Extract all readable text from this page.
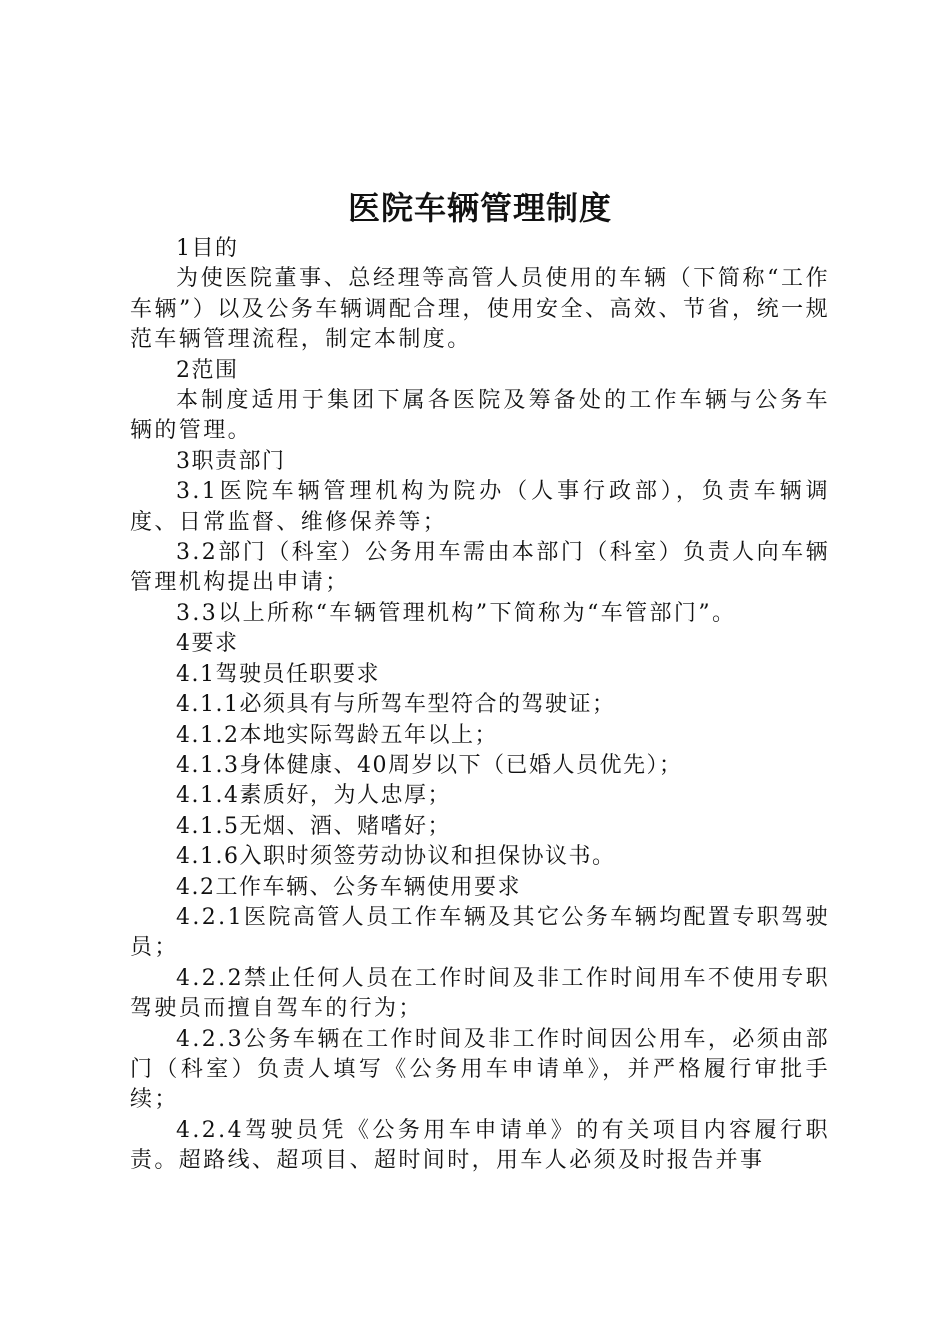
医院车辆管理制度

1目的

为使医院董事、总经理等高管人员使用的车辆（下简称“工作车辆”）以及公务车辆调配合理，使用安全、高效、节省，统一规范车辆管理流程，制定本制度。

2范围

本制度适用于集团下属各医院及筹备处的工作车辆与公务车辆的管理。

3职责部门

3.1医院车辆管理机构为院办（人事行政部），负责车辆调度、日常监督、维修保养等；

3.2部门（科室）公务用车需由本部门（科室）负责人向车辆管理机构提出申请；

3.3以上所称“车辆管理机构”下简称为“车管部门”。

4要求

4.1驾驶员任职要求

4.1.1必须具有与所驾车型符合的驾驶证；

4.1.2本地实际驾龄五年以上；

4.1.3身体健康、40周岁以下（已婚人员优先）；

4.1.4素质好，为人忠厚；

4.1.5无烟、酒、赌嗜好；

4.1.6入职时须签劳动协议和担保协议书。

4.2工作车辆、公务车辆使用要求

4.2.1医院高管人员工作车辆及其它公务车辆均配置专职驾驶员；

4.2.2禁止任何人员在工作时间及非工作时间用车不使用专职驾驶员而擅自驾车的行为；

4.2.3公务车辆在工作时间及非工作时间因公用车，必须由部门（科室）负责人填写《公务用车申请单》，并严格履行审批手续；

4.2.4驾驶员凭《公务用车申请单》的有关项目内容履行职责。超路线、超项目、超时间时，用车人必须及时报告并事
